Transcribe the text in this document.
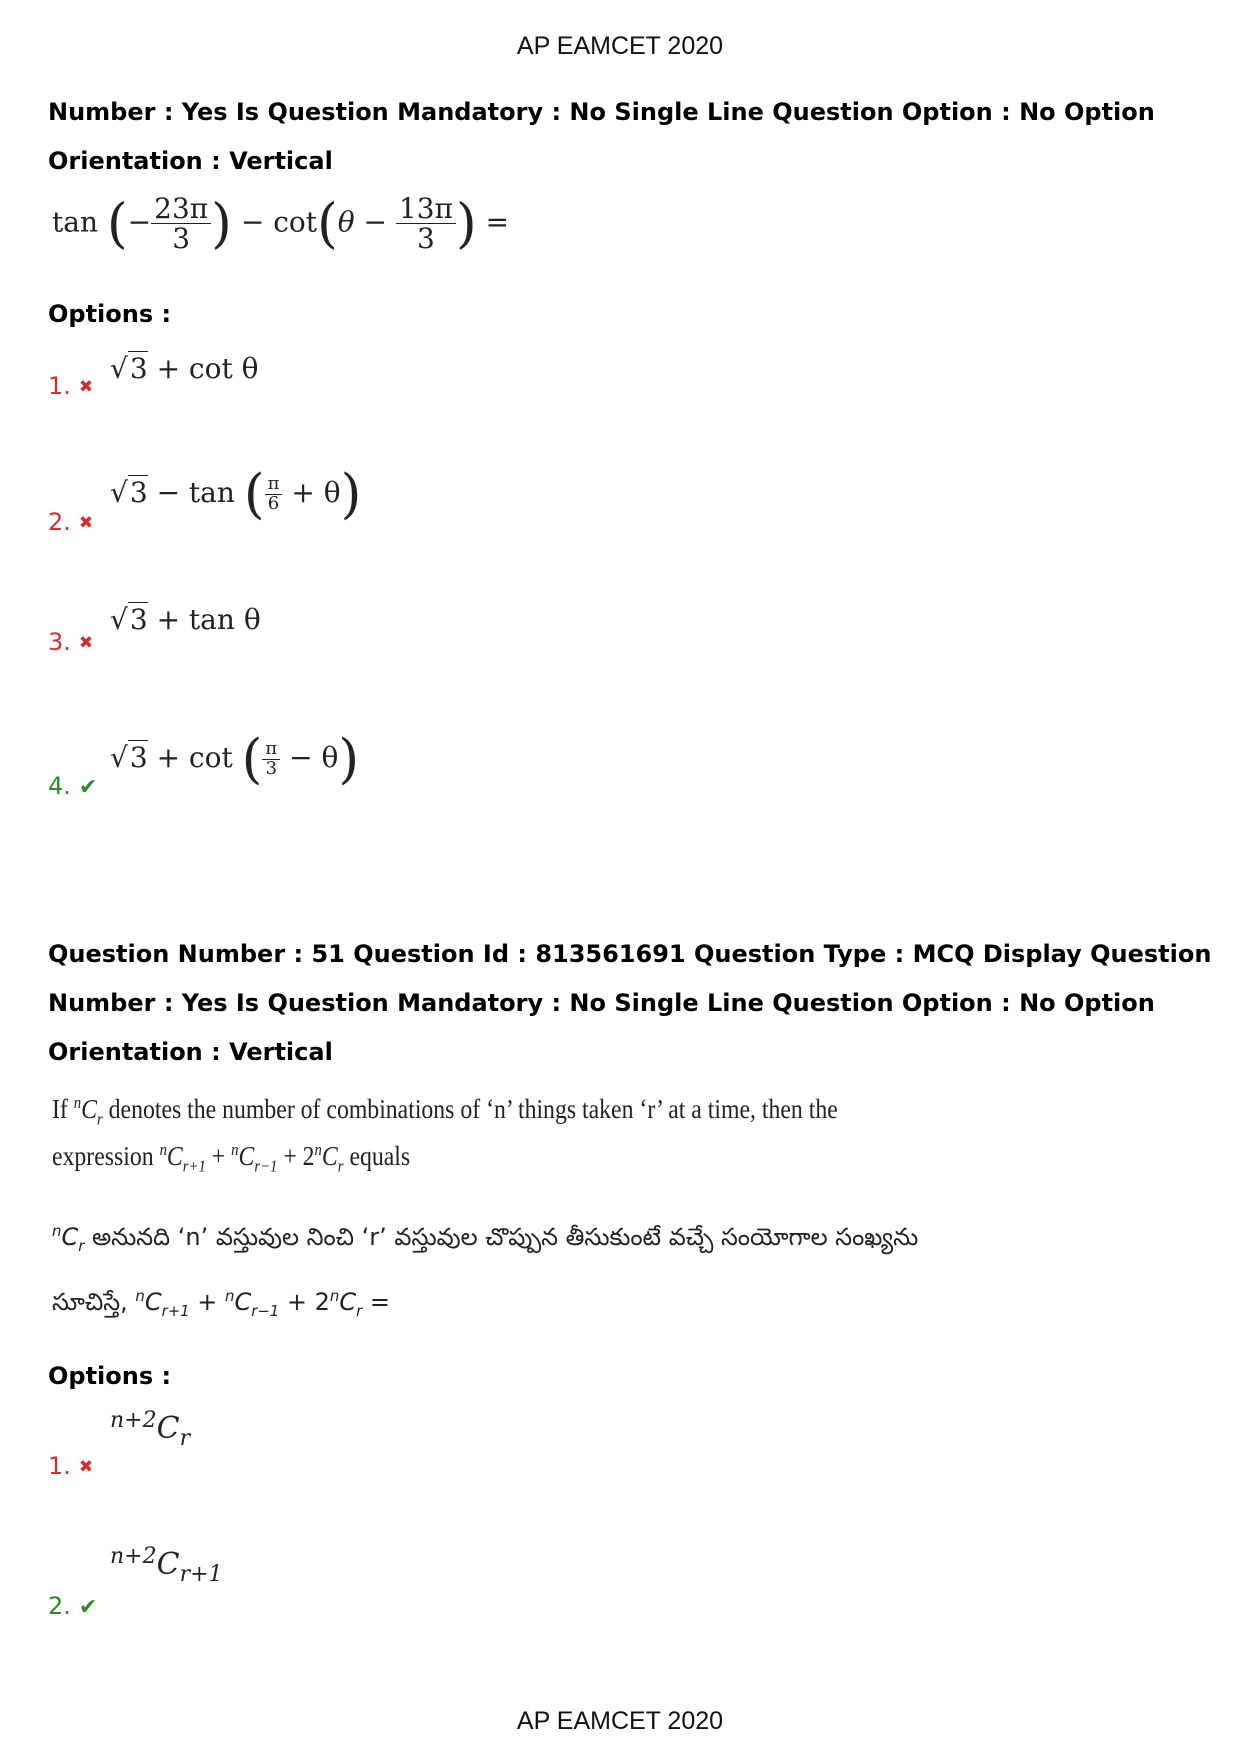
AP EAMCET 2020
Number : Yes Is Question Mandatory : No Single Line Question Option : No Option
Orientation : Vertical
tan (− $\frac{23\pi}{3}$ ) − $\cot(\theta - \frac{13\pi}{3}$ ) =
Options :
1. ✖
√3 + cot θ
2. ✖
√3 − tan ( $\frac{\pi}{6} + \theta$)
3. ✖
√3 + tan θ
4. ✔
√3 + cot ( $\frac{\pi}{3} - \theta$)
Question Number : 51 Question Id : 813561691 Question Type : MCQ Display Question
Number : Yes Is Question Mandatory : No Single Line Question Option : No Option
Orientation : Vertical
If $^nC_r$ denotes the number of combinations of ‘n’ things taken ‘r’ at a time, then the
expression $^nC_{r+1} + ^nC_{r-1} + 2^nC_r$ equals
$^nC_r$ అనునది ‘n’ వస్తువుల నించి ‘r’ వస్తువుల చొప్పున తీసుకుంటే వచ్చే సంయోగాల సంఖ్యను
సూచిస్తే, $^nC_{r+1} + ^nC_{r-1} + 2^nC_r$ =
Options :
1. ✖
$^{n+2}C_r$
2. ✔
$^{n+2}C_{r+1}$
AP EAMCET 2020
